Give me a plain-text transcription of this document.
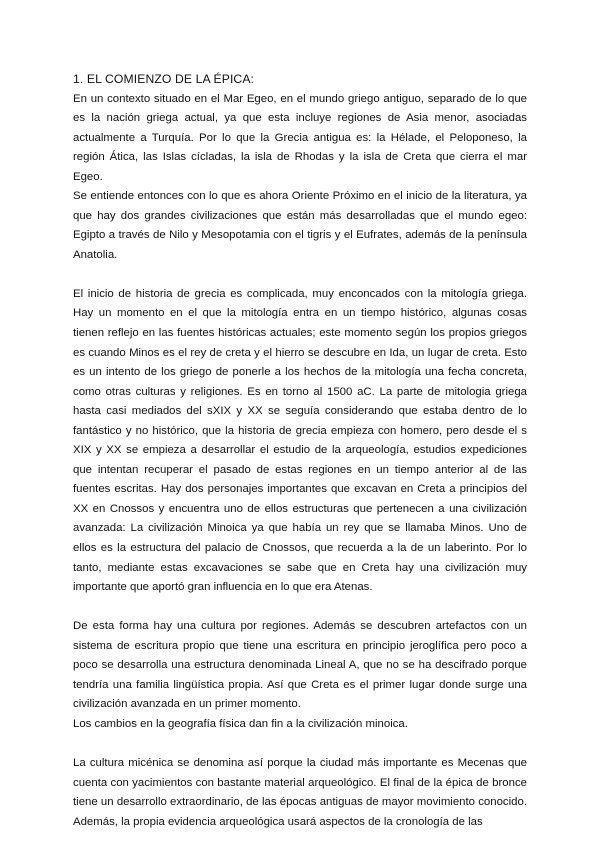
1. EL COMIENZO DE LA ÉPICA:

En un contexto situado en el Mar Egeo, en el mundo griego antiguo, separado de lo que es la nación griega actual, ya que esta incluye regiones de Asia menor, asociadas actualmente a Turquía. Por lo que la Grecia antigua es: la Hélade, el Peloponeso, la región Ática, las Islas cícladas, la isla de Rhodas y la isla de Creta que cierra el mar Egeo.

Se entiende entonces con lo que es ahora Oriente Próximo en el inicio de la literatura, ya que hay dos grandes civilizaciones que están más desarrolladas que el mundo egeo: Egipto a través de Nilo y Mesopotamia con el tigris y el Eufrates, además de la península Anatolia.

El inicio de historia de grecia es complicada, muy enconcados con la mitología griega. Hay un momento en el que la mitología entra en un tiempo histórico, algunas cosas tienen reflejo en las fuentes históricas actuales; este momento según los propios griegos es cuando Minos es el rey de creta y el hierro se descubre en Ida, un lugar de creta. Esto es un intento de los griego de ponerle a los hechos de la mitología una fecha concreta, como otras culturas y religiones. Es en torno al 1500 aC. La parte de mitologia griega hasta casi mediados del sXIX y XX se seguía considerando que estaba dentro de lo fantástico y no histórico, que la historia de grecia empieza con homero, pero desde el s XIX y XX se empieza a desarrollar el estudio de la arqueología, estudios expediciones que intentan recuperar el pasado de estas regiones en un tiempo anterior al de las fuentes escritas. Hay dos personajes importantes que excavan en Creta a principios del XX en Cnossos y encuentra uno de ellos estructuras que pertenecen a una civilización avanzada: La civilización Minoica ya que había un rey que se llamaba Minos. Uno de ellos es la estructura del palacio de Cnossos, que recuerda a la de un laberinto. Por lo tanto, mediante estas excavaciones se sabe que en Creta hay una civilización muy importante que aportó gran influencia en lo que era Atenas.

De esta forma hay una cultura por regiones. Además se descubren artefactos con un sistema de escritura propio que tiene una escritura en principio jeroglífica pero poco a poco se desarrolla una estructura denominada Lineal A, que no se ha descifrado porque tendría una familia lingüística propia. Así que Creta es el primer lugar donde surge una civilización avanzada en un primer momento.

Los cambios en la geografía física dan fin a la civilización minoica.

La cultura micénica se denomina así porque la ciudad más importante es Mecenas que cuenta con yacimientos con bastante material arqueológico. El final de la épica de bronce tiene un desarrollo extraordinario, de las épocas antiguas de mayor movimiento conocido. Además, la propia evidencia arqueológica usará aspectos de la cronología de las
